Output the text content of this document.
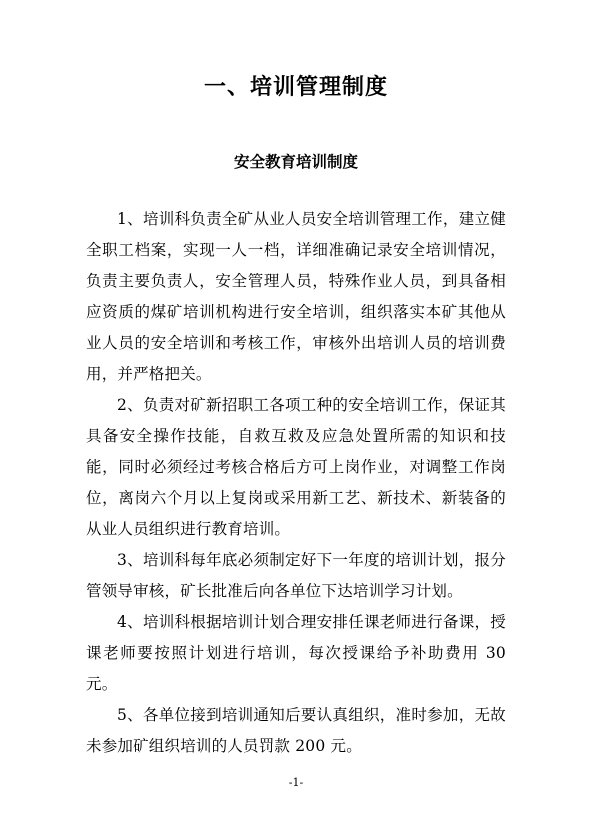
一、培训管理制度
安全教育培训制度

1、培训科负责全矿从业人员安全培训管理工作，建立健全职工档案，实现一人一档，详细准确记录安全培训情况，负责主要负责人，安全管理人员，特殊作业人员，到具备相应资质的煤矿培训机构进行安全培训，组织落实本矿其他从业人员的安全培训和考核工作，审核外出培训人员的培训费用，并严格把关。

2、负责对矿新招职工各项工种的安全培训工作，保证其具备安全操作技能，自救互救及应急处置所需的知识和技能，同时必须经过考核合格后方可上岗作业，对调整工作岗位，离岗六个月以上复岗或采用新工艺、新技术、新装备的从业人员组织进行教育培训。

3、培训科每年底必须制定好下一年度的培训计划，报分管领导审核，矿长批准后向各单位下达培训学习计划。

4、培训科根据培训计划合理安排任课老师进行备课，授课老师要按照计划进行培训，每次授课给予补助费用 30 元。

5、各单位接到培训通知后要认真组织，准时参加，无故未参加矿组织培训的人员罚款 200 元。

-1-
